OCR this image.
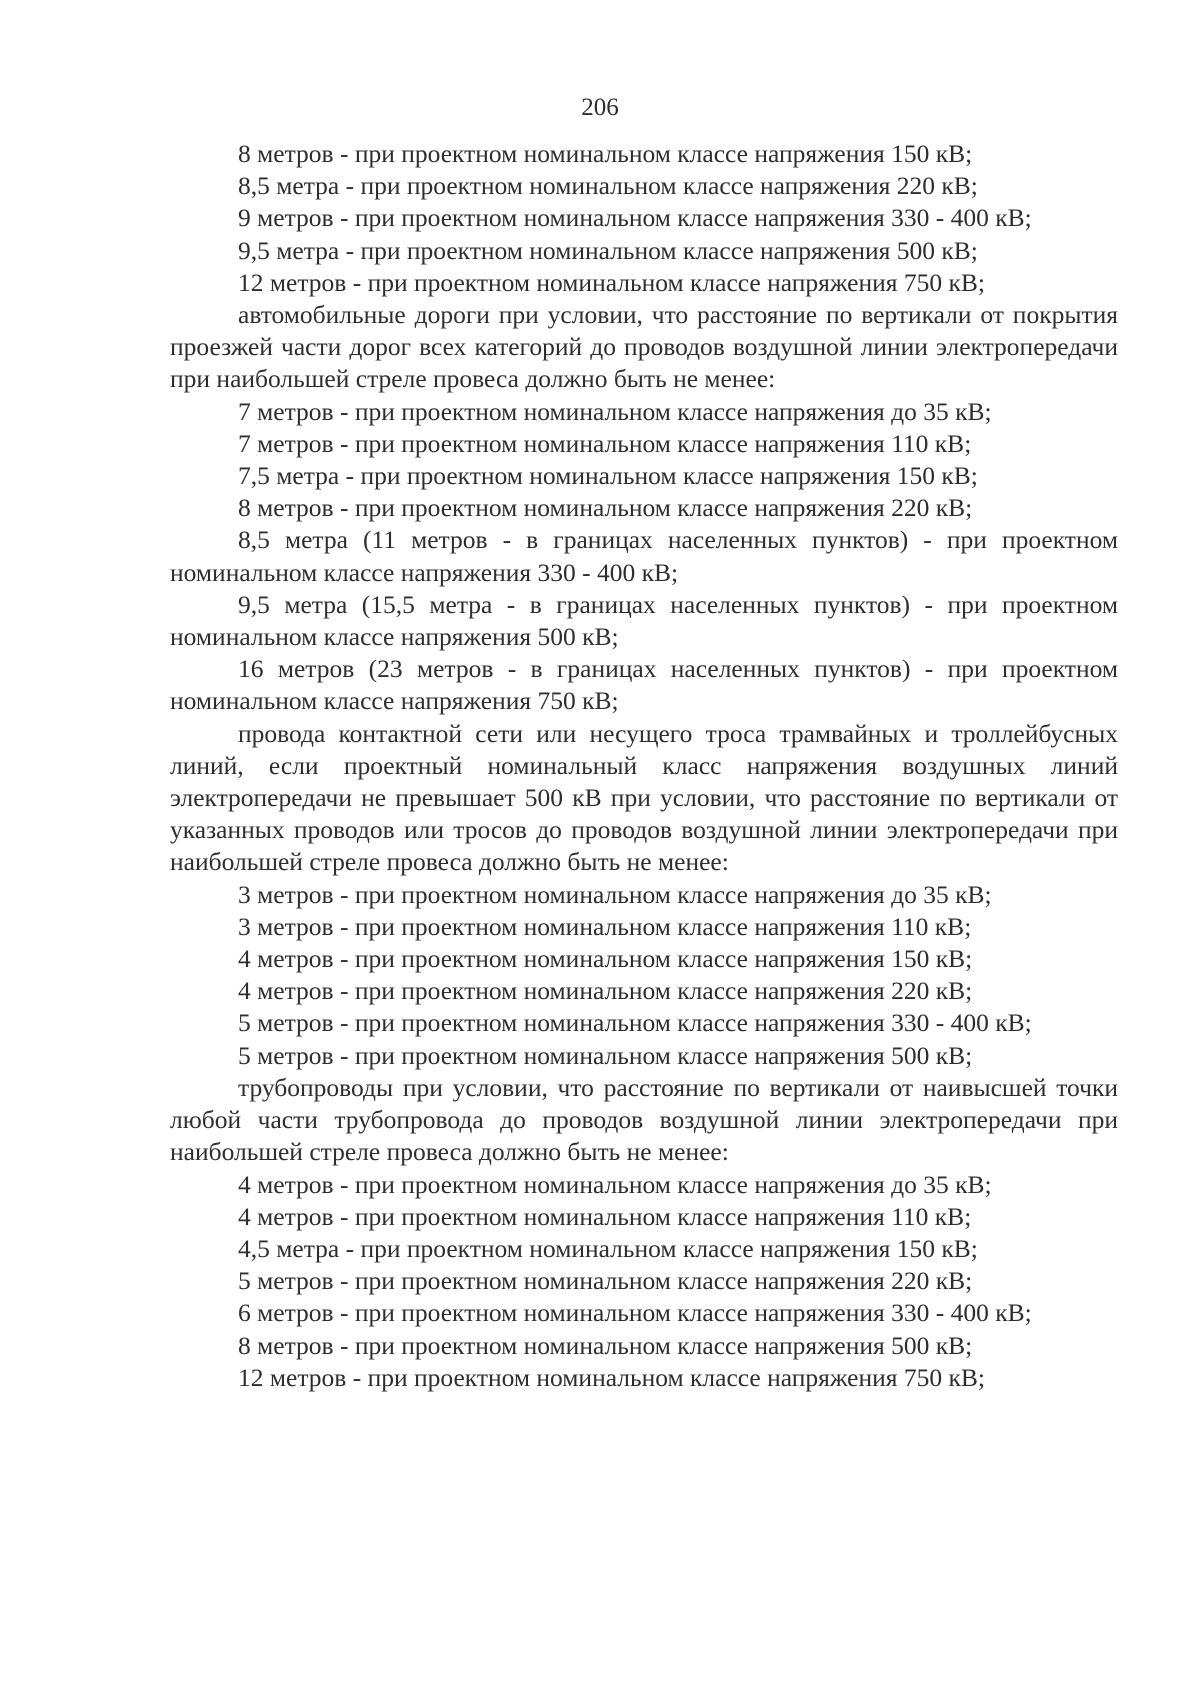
206

8 метров - при проектном номинальном классе напряжения 150 кВ;

8,5 метра - при проектном номинальном классе напряжения 220 кВ;

9 метров - при проектном номинальном классе напряжения 330 - 400 кВ;

9,5 метра - при проектном номинальном классе напряжения 500 кВ;

12 метров - при проектном номинальном классе напряжения 750 кВ;

автомобильные дороги при условии, что расстояние по вертикали от покрытия проезжей части дорог всех категорий до проводов воздушной линии электропередачи при наибольшей стреле провеса должно быть не менее:

7 метров - при проектном номинальном классе напряжения до 35 кВ;

7 метров - при проектном номинальном классе напряжения 110 кВ;

7,5 метра - при проектном номинальном классе напряжения 150 кВ;

8 метров - при проектном номинальном классе напряжения 220 кВ;

8,5 метра (11 метров - в границах населенных пунктов) - при проектном номинальном классе напряжения 330 - 400 кВ;

9,5 метра (15,5 метра - в границах населенных пунктов) - при проектном номинальном классе напряжения 500 кВ;

16 метров (23 метров - в границах населенных пунктов) - при проектном номинальном классе напряжения 750 кВ;

провода контактной сети или несущего троса трамвайных и троллейбусных линий, если проектный номинальный класс напряжения воздушных линий электропередачи не превышает 500 кВ при условии, что расстояние по вертикали от указанных проводов или тросов до проводов воздушной линии электропередачи при наибольшей стреле провеса должно быть не менее:

3 метров - при проектном номинальном классе напряжения до 35 кВ;

3 метров - при проектном номинальном классе напряжения 110 кВ;

4 метров - при проектном номинальном классе напряжения 150 кВ;

4 метров - при проектном номинальном классе напряжения 220 кВ;

5 метров - при проектном номинальном классе напряжения 330 - 400 кВ;

5 метров - при проектном номинальном классе напряжения 500 кВ;

трубопроводы при условии, что расстояние по вертикали от наивысшей точки любой части трубопровода до проводов воздушной линии электропередачи при наибольшей стреле провеса должно быть не менее:

4 метров - при проектном номинальном классе напряжения до 35 кВ;

4 метров - при проектном номинальном классе напряжения 110 кВ;

4,5 метра - при проектном номинальном классе напряжения 150 кВ;

5 метров - при проектном номинальном классе напряжения 220 кВ;

6 метров - при проектном номинальном классе напряжения 330 - 400 кВ;

8 метров - при проектном номинальном классе напряжения 500 кВ;

12 метров - при проектном номинальном классе напряжения 750 кВ;
